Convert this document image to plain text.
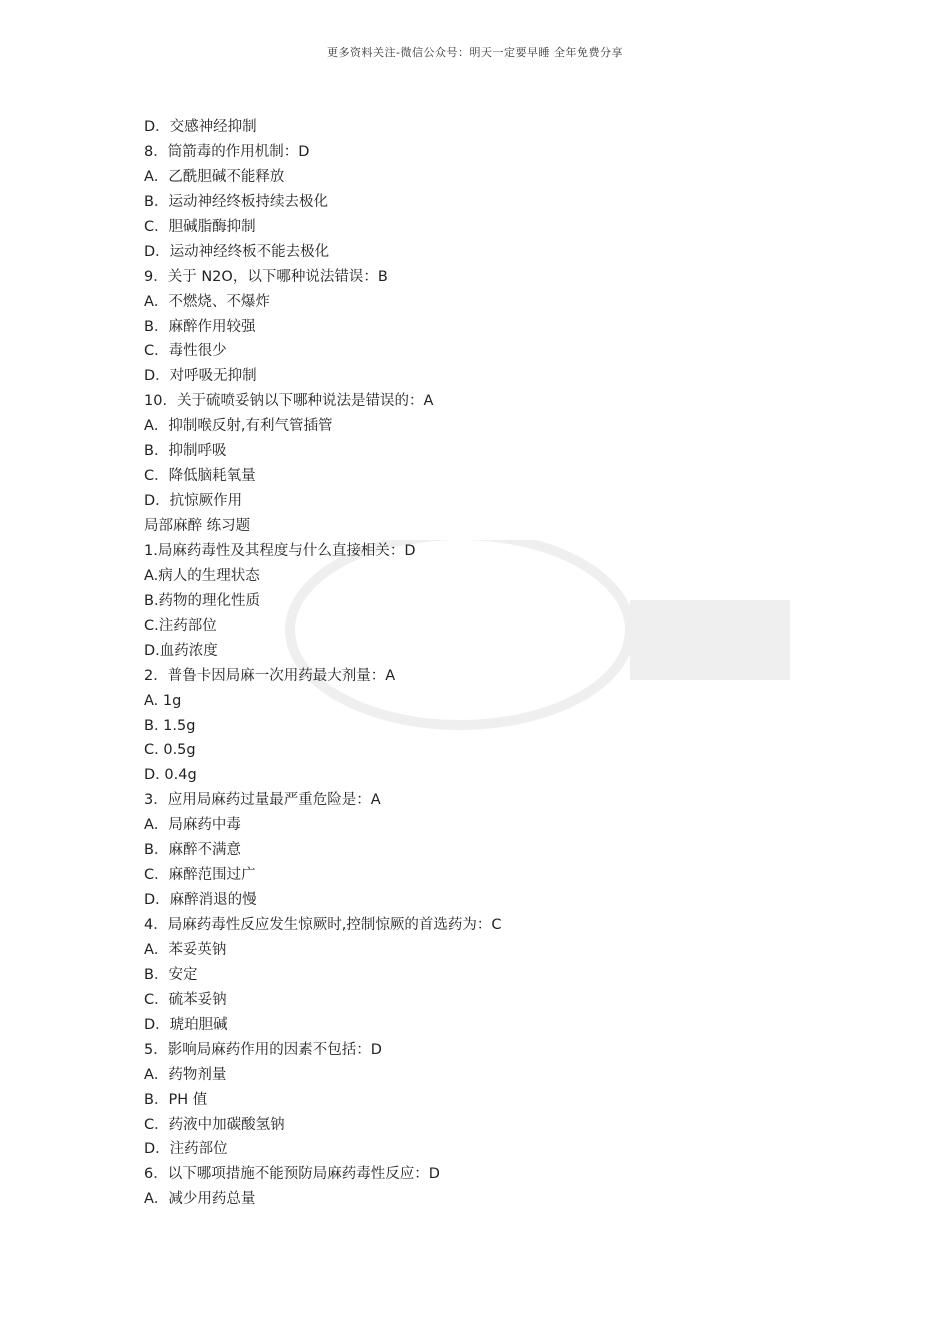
更多资料关注-微信公众号：明天一定要早睡 全年免费分享
D．交感神经抑制
8．筒箭毒的作用机制：D
A．乙酰胆碱不能释放
B．运动神经终板持续去极化
C．胆碱脂酶抑制
D．运动神经终板不能去极化
9．关于 N2O，以下哪种说法错误：B
A．不燃烧、不爆炸
B．麻醉作用较强
C．毒性很少
D．对呼吸无抑制
10．关于硫喷妥钠以下哪种说法是错误的：A
A．抑制喉反射,有利气管插管
B．抑制呼吸
C．降低脑耗氧量
D．抗惊厥作用
局部麻醉 练习题
1.局麻药毒性及其程度与什么直接相关：D
A.病人的生理状态
B.药物的理化性质
C.注药部位
D.血药浓度
2．普鲁卡因局麻一次用药最大剂量：A
A. 1g
B. 1.5g
C. 0.5g
D. 0.4g
3．应用局麻药过量最严重危险是：A
A．局麻药中毒
B．麻醉不满意
C．麻醉范围过广
D．麻醉消退的慢
4．局麻药毒性反应发生惊厥时,控制惊厥的首选药为：C
A．苯妥英钠
B．安定
C．硫苯妥钠
D．琥珀胆碱
5．影响局麻药作用的因素不包括：D
A．药物剂量
B．PH 值
C．药液中加碳酸氢钠
D．注药部位
6．以下哪项措施不能预防局麻药毒性反应：D
A．减少用药总量
